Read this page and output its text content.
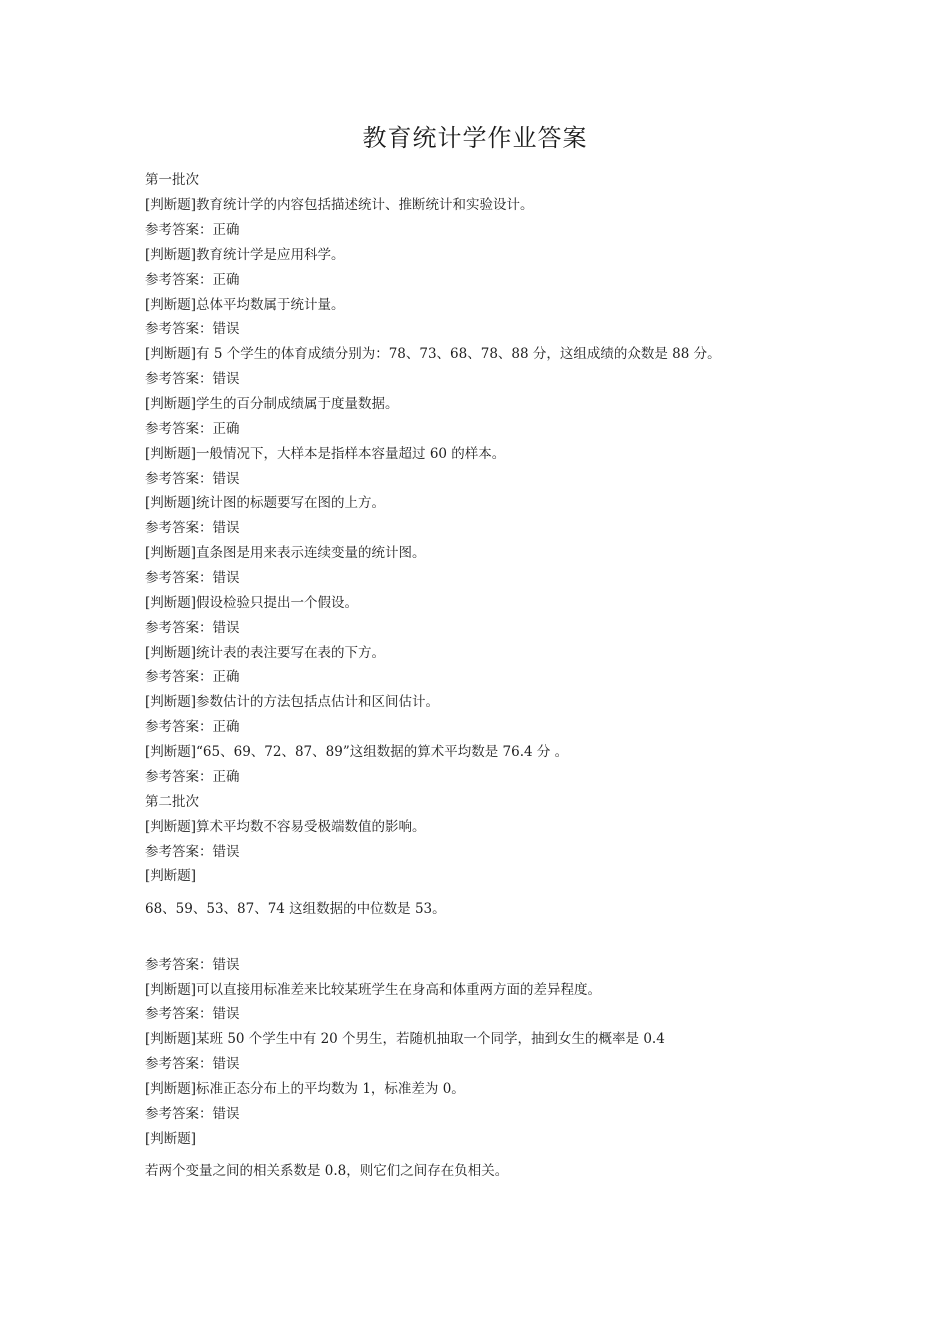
教育统计学作业答案
第一批次
[判断题]教育统计学的内容包括描述统计、推断统计和实验设计。
参考答案：正确
[判断题]教育统计学是应用科学。
参考答案：正确
[判断题]总体平均数属于统计量。
参考答案：错误
[判断题]有 5 个学生的体育成绩分别为：78、73、68、78、88 分，这组成绩的众数是 88 分。
参考答案：错误
[判断题]学生的百分制成绩属于度量数据。
参考答案：正确
[判断题]一般情况下，大样本是指样本容量超过 60 的样本。
参考答案：错误
[判断题]统计图的标题要写在图的上方。
参考答案：错误
[判断题]直条图是用来表示连续变量的统计图。
参考答案：错误
[判断题]假设检验只提出一个假设。
参考答案：错误
[判断题]统计表的表注要写在表的下方。
参考答案：正确
[判断题]参数估计的方法包括点估计和区间估计。
参考答案：正确
[判断题]“65、69、72、87、89”这组数据的算术平均数是 76.4 分 。
参考答案：正确
第二批次
[判断题]算术平均数不容易受极端数值的影响。
参考答案：错误
[判断题]
68、59、53、87、74 这组数据的中位数是 53。
参考答案：错误
[判断题]可以直接用标准差来比较某班学生在身高和体重两方面的差异程度。
参考答案：错误
[判断题]某班 50 个学生中有 20 个男生，若随机抽取一个同学，抽到女生的概率是 0.4
参考答案：错误
[判断题]标准正态分布上的平均数为 1，标准差为 0。
参考答案：错误
[判断题]
若两个变量之间的相关系数是 0.8，则它们之间存在负相关。
